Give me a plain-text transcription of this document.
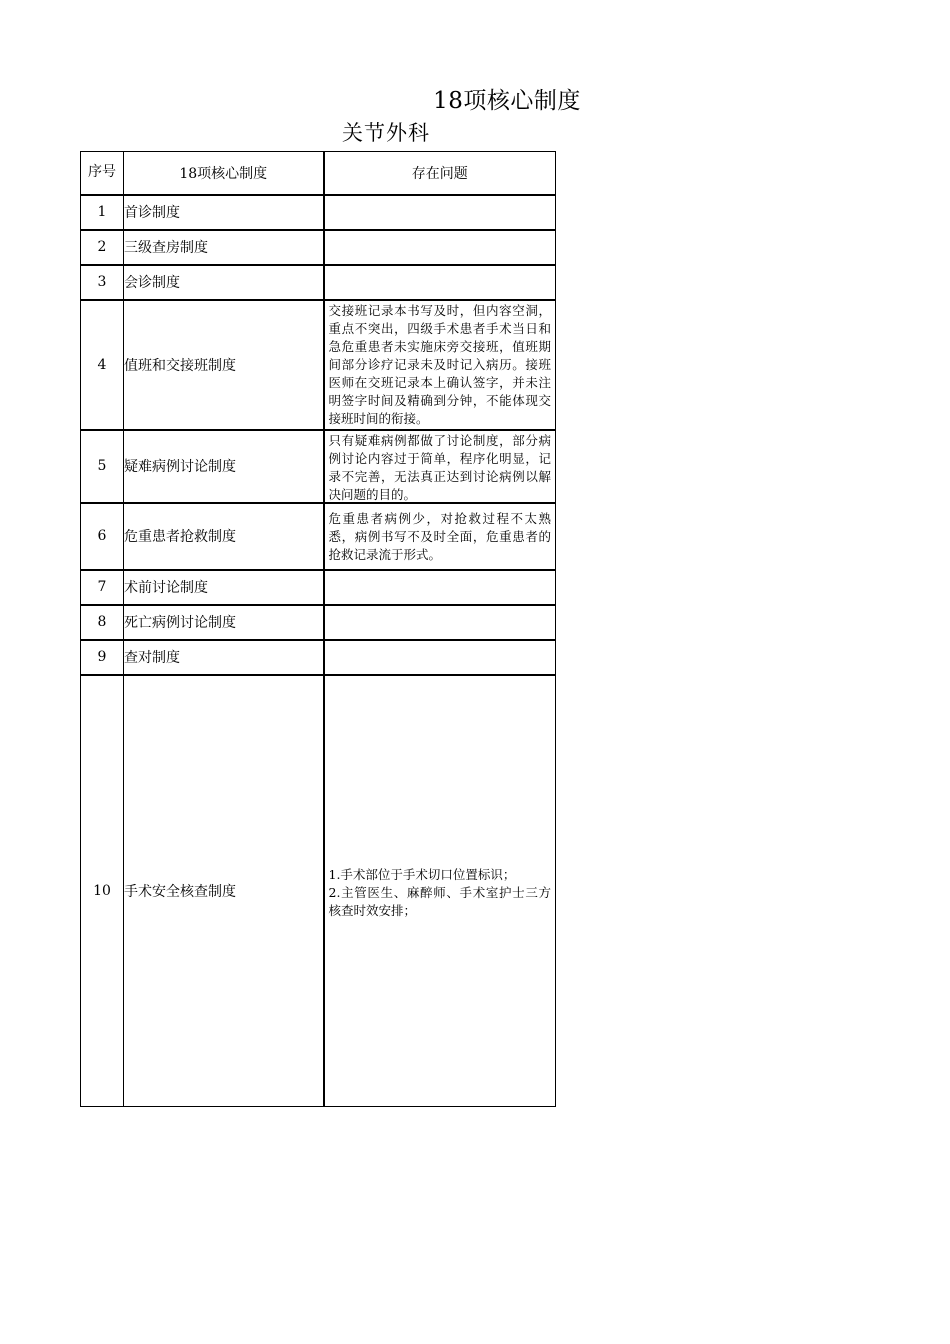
18项核心制度
关节外科
序号	18项核心制度	存在问题
1	首诊制度	
2	三级查房制度	
3	会诊制度	
4	值班和交接班制度	交接班记录本书写及时，但内容空洞，重点不突出，四级手术患者手术当日和急危重患者未实施床旁交接班，值班期间部分诊疗记录未及时记入病历。接班医师在交班记录本上确认签字，并未注明签字时间及精确到分钟，不能体现交接班时间的衔接。

5	疑难病例讨论制度	只有疑难病例都做了讨论制度，部分病例讨论内容过于简单，程序化明显，记录不完善，无法真正达到讨论病例以解决问题的目的。

6	危重患者抢救制度	危重患者病例少，对抢救过程不太熟悉，病例书写不及时全面，危重患者的抢救记录流于形式。

7	术前讨论制度	
8	死亡病例讨论制度	
9	查对制度	
10	手术安全核查制度	1.手术部位于手术切口位置标识；
2.主管医生、麻醉师、手术室护士三方核查时效安排；
